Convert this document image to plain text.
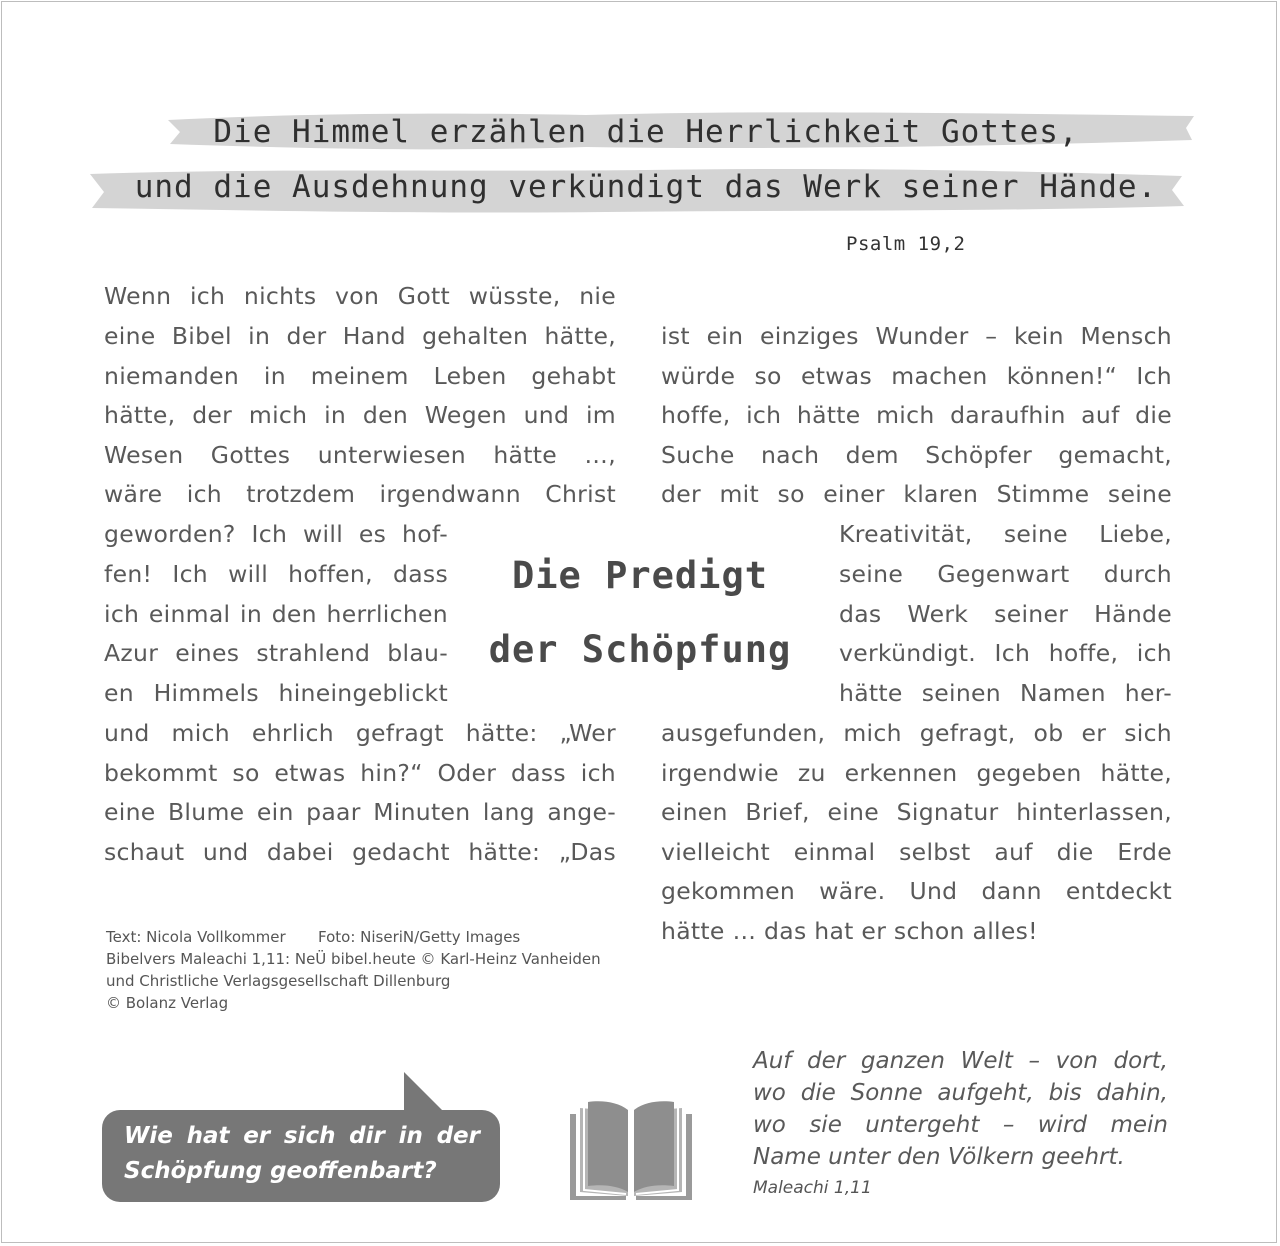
Die Himmel erzählen die Herrlichkeit Gottes,
und die Ausdehnung verkündigt das Werk seiner Hände.
Psalm 19,2
Wenn ich nichts von Gott wüsste, nie
eine Bibel in der Hand gehalten hätte,
niemanden in meinem Leben gehabt
hätte, der mich in den Wegen und im
Wesen Gottes unterwiesen hätte …,
wäre ich trotzdem irgendwann Christ
geworden? Ich will es hof-
fen! Ich will hoffen, dass
ich einmal in den herrlichen
Azur eines strahlend blau-
en Himmels hineingeblickt
und mich ehrlich gefragt hätte: „Wer
bekommt so etwas hin?“ Oder dass ich
eine Blume ein paar Minuten lang ange-
schaut und dabei gedacht hätte: „Das
Die Predigt
der Schöpfung
ist ein einziges Wunder – kein Mensch
würde so etwas machen können!“ Ich
hoffe, ich hätte mich daraufhin auf die
Suche nach dem Schöpfer gemacht,
der mit so einer klaren Stimme seine
Kreativität, seine Liebe,
seine Gegenwart durch
das Werk seiner Hände
verkündigt. Ich hoffe, ich
hätte seinen Namen her-
ausgefunden, mich gefragt, ob er sich
irgendwie zu erkennen gegeben hätte,
einen Brief, eine Signatur hinterlassen,
vielleicht einmal selbst auf die Erde
gekommen wäre. Und dann entdeckt
hätte … das hat er schon alles!
Text: Nicola Vollkommer Foto: NiseriN/Getty Images
Bibelvers Maleachi 1,11: NeÜ bibel.heute © Karl-Heinz Vanheiden
und Christliche Verlagsgesellschaft Dillenburg
© Bolanz Verlag
Wie hat er sich dir in der
Schöpfung geoffenbart?
Auf der ganzen Welt – von dort,
wo die Sonne aufgeht, bis dahin,
wo sie untergeht – wird mein
Name unter den Völkern geehrt.
Maleachi 1,11
